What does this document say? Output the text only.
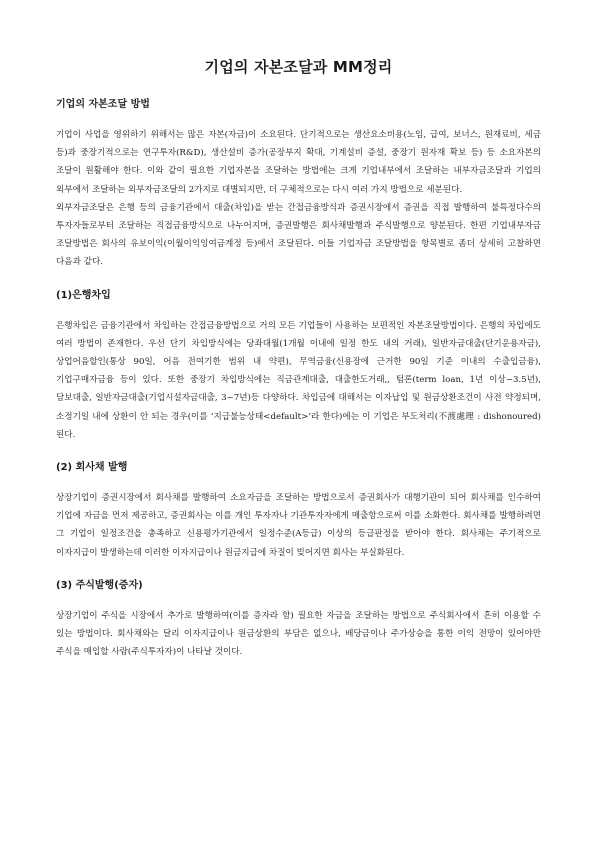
기업의 자본조달과 MM정리
기업의 자본조달 방법

기업이 사업을 영위하기 위해서는 많은 자본(자금)이 소요된다. 단기적으로는 생산요소비용(노임, 급여, 보너스, 원재료비, 세금 등)과 중장기적으로는 연구투자(R&D), 생산설비 증가(공장부지 확대, 기계설비 증설, 중장기 원자재 확보 등) 등 소요자본의 조달이 원활해야 한다. 이와 같이 필요한 기업자본을 조달하는 방법에는 크게 기업내부에서 조달하는 내부자금조달과 기업의 외부에서 조달하는 외부자금조달의 2가지로 대별되지만, 더 구체적으로는 다시 여러 가지 방법으로 세분된다.

외부자금조달은 은행 등의 금융기관에서 대출(차입)을 받는 간접금융방식과 증권시장에서 증권을 직접 발행하여 불특정다수의 투자자들로부터 조달하는 직접금융방식으로 나누어지며, 증권발행은 회사채발행과 주식발행으로 양분된다. 한편 기업내부자금 조달방법은 회사의 유보이익(이월이익잉여금계정 등)에서 조달된다. 이들 기업자금 조달방법을 항목별로 좀더 상세히 고찰하면 다음과 같다.

(1)은행차입

은행차입은 금융기관에서 차입하는 간접금융방법으로 거의 모든 기업들이 사용하는 보편적인 자본조달방법이다. 은행의 차입에도 여러 방법이 존재한다. 우선 단기 차입방식에는 당좌대월(1개월 이내에 일정 한도 내의 거래), 일반자금대출(단기운용자금), 상업어음할인(통상 90일, 어음 전여기한 범위 내 약편), 무역금융(신용장에 근거한 90일 기준 이내의 수출입금융), 기업구매자금융 등이 있다. 또한 중장기 차입방식에는 직금관계대출, 대출한도거래,, 텀론(term loan, 1년 이상~3.5년), 담보대출, 일반자금대출(기업시설자금대출, 3~7년)등 다양하다. 차입금에 대해서는 이자납입 및 원금상환조건이 사전 약정되며, 소정기일 내에 상환이 안 되는 경우(이를 ‘지급불능상태<default>’라 한다)에는 이 기업은 부도처리(不渡處理 : dishonoured)된다.

(2) 회사채 발행

상장기업이 증권시장에서 회사채를 발행하여 소요자금을 조달하는 방법으로서 증권회사가 대행기관이 되어 회사채를 인수하여 기업에 자금을 먼저 제공하고, 증권회사는 이를 개인 투자자나 기관투자자에게 매출함으로써 이를 소화한다. 회사채를 발행하려면 그 기업이 일정조건을 충족하고 신용평가기관에서 일정수준(A등급) 이상의 등급판정을 받아야 한다. 회사채는 주기적으로 이자지급이 발생하는데 이러한 이자지급이나 원금지급에 차질이 빚어지면 회사는 부실화된다.

(3) 주식발행(증자)

상장기업이 주식을 시장에서 추가로 발행하여(이를 증자라 함) 필요한 자금을 조달하는 방법으로 주식회사에서 흔히 이용할 수 있는 방법이다. 회사채와는 달리 이자지급이나 원금상환의 부담은 없으나, 배당금이나 주가상승을 통한 이익 전망이 있어야만 주식을 매입할 사람(주식투자자)이 나타날 것이다.
